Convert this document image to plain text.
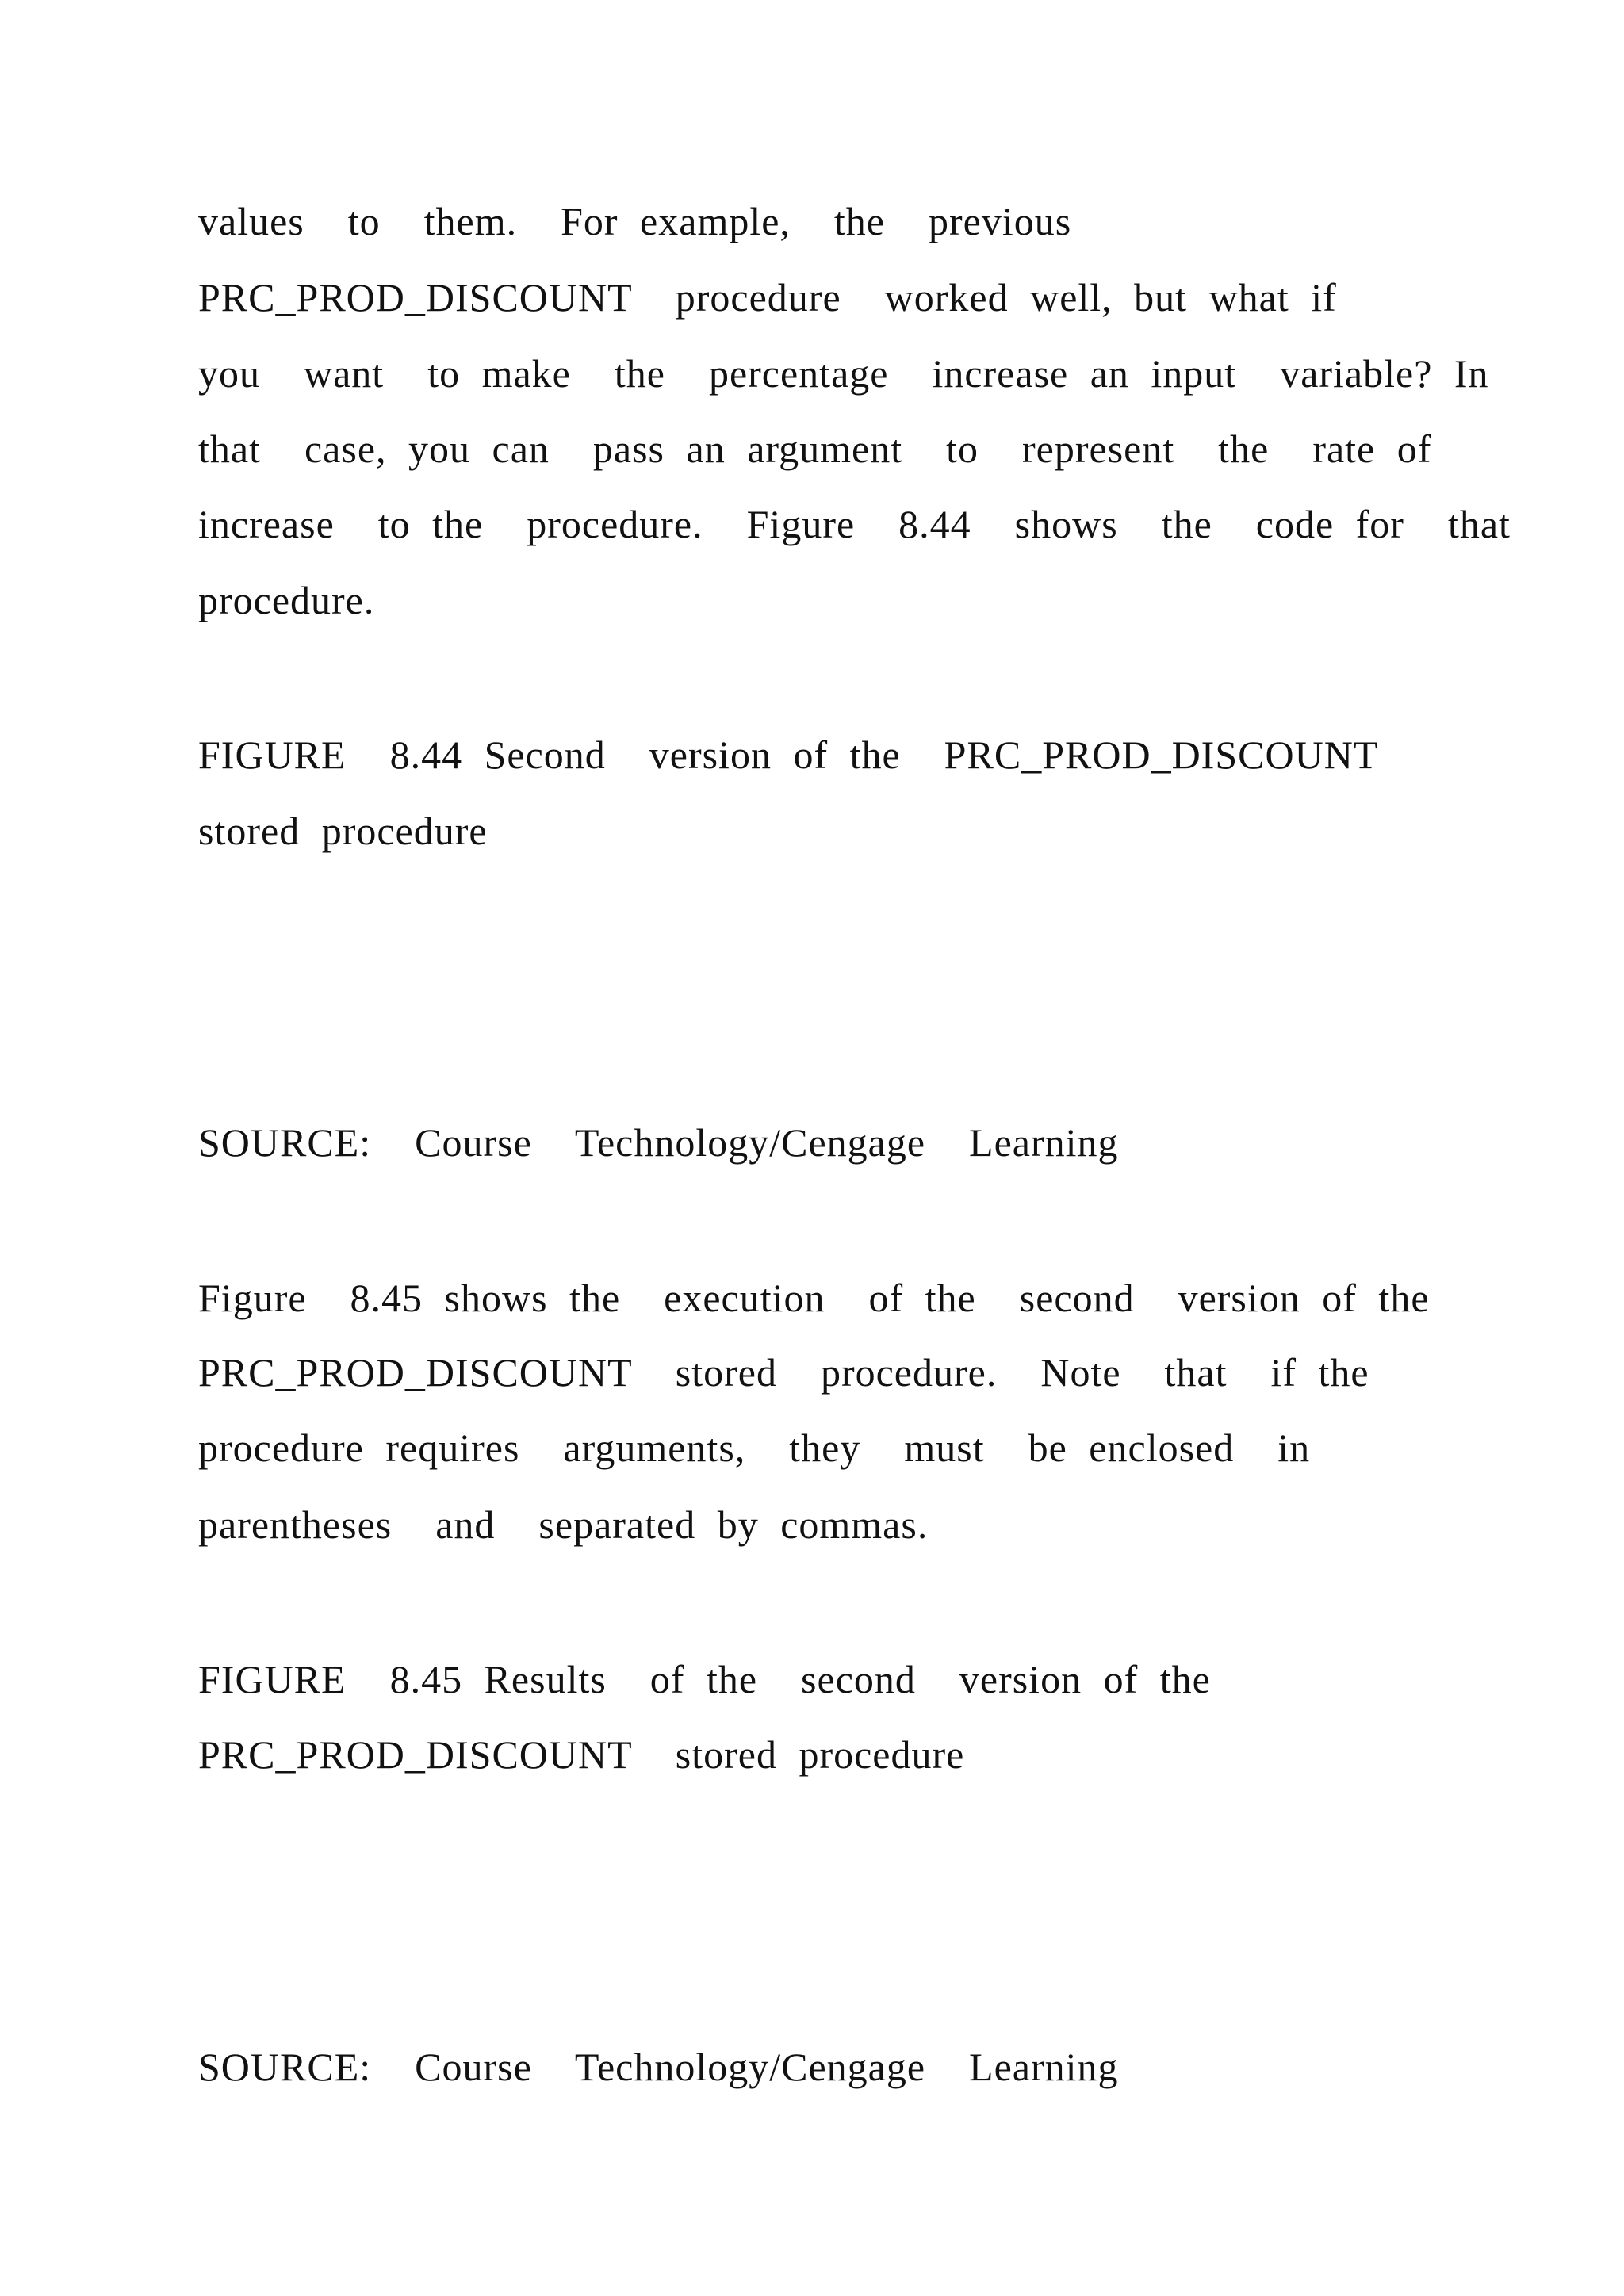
values  to  them.  For example,  the  previous

PRC_PROD_DISCOUNT  procedure  worked well, but what if

you  want  to make  the  percentage  increase an input  variable? In

that  case, you can  pass an argument  to  represent  the  rate of

increase  to the  procedure.  Figure  8.44  shows  the  code for  that

procedure.

FIGURE  8.44 Second  version of the  PRC_PROD_DISCOUNT

stored procedure

SOURCE:  Course  Technology/Cengage  Learning

Figure  8.45 shows the  execution  of the  second  version of the

PRC_PROD_DISCOUNT  stored  procedure.  Note  that  if the

procedure requires  arguments,  they  must  be enclosed  in

parentheses  and  separated by commas.

FIGURE  8.45 Results  of the  second  version of the

PRC_PROD_DISCOUNT  stored procedure

SOURCE:  Course  Technology/Cengage  Learning
